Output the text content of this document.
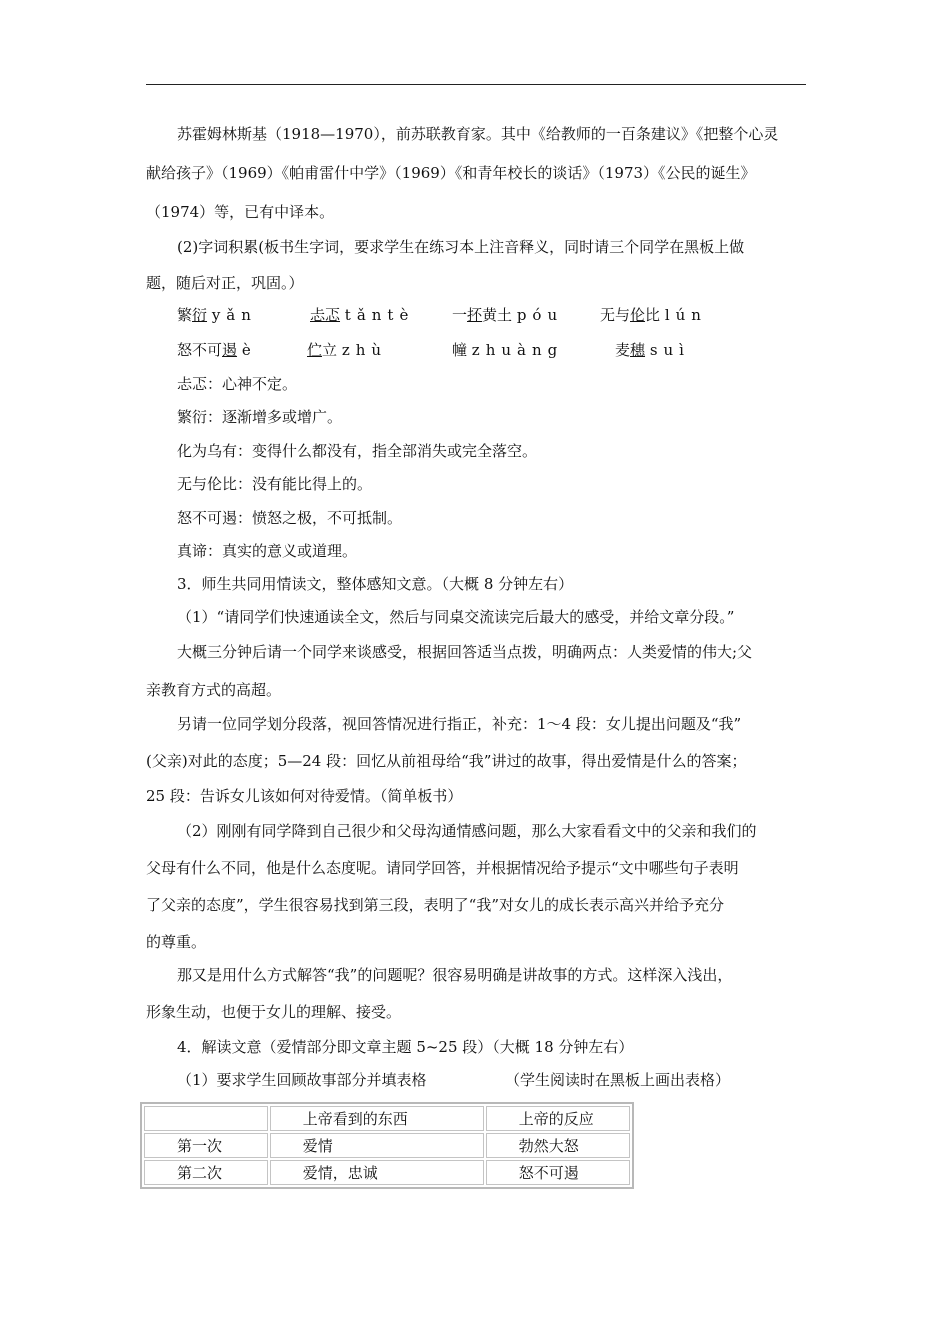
苏霍姆林斯基（1918—1970），前苏联教育家。其中《给教师的一百条建议》《把整个心灵
献给孩子》（1969）《帕甫雷什中学》（1969）《和青年校长的谈话》（1973）《公民的诞生》
（1974）等，已有中译本。
(2)字词积累(板书生字词，要求学生在练习本上注音释义，同时请三个同学在黑板上做
题，随后对正，巩固。）
繁衍 yǎn	忐忑 tǎntè	一抔黄土 póu 无与伦比 lún
怒不可遏 è	伫立 zhù	幢 zhuàng	麦穗 suì
忐忑：心神不定。
繁衍：逐渐增多或增广。
化为乌有：变得什么都没有，指全部消失或完全落空。
无与伦比：没有能比得上的。
怒不可遏：愤怒之极，不可抵制。
真谛：真实的意义或道理。
3．师生共同用情读文，整体感知文意。（大概 8 分钟左右）
（1）“请同学们快速通读全文，然后与同桌交流读完后最大的感受，并给文章分段。”
大概三分钟后请一个同学来谈感受，根据回答适当点拨，明确两点：人类爱情的伟大;父
亲教育方式的高超。
另请一位同学划分段落，视回答情况进行指正，补充：1～4 段：女儿提出问题及“我”
(父亲)对此的态度；5—24 段：回忆从前祖母给“我”讲过的故事，得出爱情是什么的答案；
25 段：告诉女儿该如何对待爱情。（简单板书）
（2）刚刚有同学降到自己很少和父母沟通情感问题，那么大家看看文中的父亲和我们的
父母有什么不同，他是什么态度呢。请同学回答，并根据情况给予提示“文中哪些句子表明
了父亲的态度”，学生很容易找到第三段，表明了“我”对女儿的成长表示高兴并给予充分
的尊重。
那又是用什么方式解答“我”的问题呢？很容易明确是讲故事的方式。这样深入浅出，
形象生动，也便于女儿的理解、接受。
4．解读文意（爱情部分即文章主题 5~25 段）（大概 18 分钟左右）
（1）要求学生回顾故事部分并填表格	（学生阅读时在黑板上画出表格）
	上帝看到的东西	上帝的反应
第一次	爱情	勃然大怒
第二次	爱情，忠诚	怒不可遏
